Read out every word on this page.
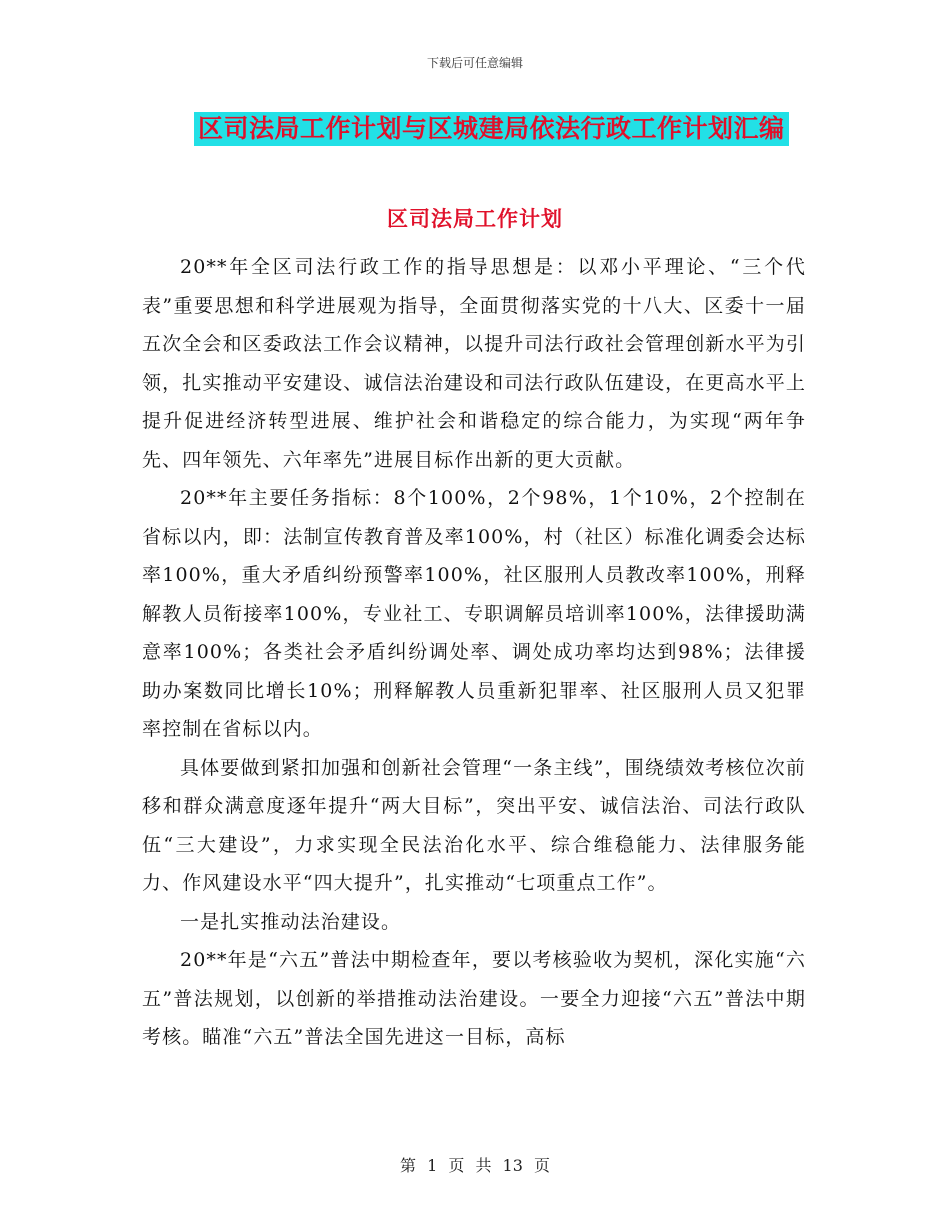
下载后可任意编辑
区司法局工作计划与区城建局依法行政工作计划汇编
区司法局工作计划

20**年全区司法行政工作的指导思想是：以邓小平理论、“三个代表”重要思想和科学进展观为指导，全面贯彻落实党的十八大、区委十一届五次全会和区委政法工作会议精神，以提升司法行政社会管理创新水平为引领，扎实推动平安建设、诚信法治建设和司法行政队伍建设，在更高水平上提升促进经济转型进展、维护社会和谐稳定的综合能力，为实现“两年争先、四年领先、六年率先”进展目标作出新的更大贡献。

20**年主要任务指标：8个100%，2个98%，1个10%，2个控制在省标以内，即：法制宣传教育普及率100%，村（社区）标准化调委会达标率100%，重大矛盾纠纷预警率100%，社区服刑人员教改率100%，刑释解教人员衔接率100%，专业社工、专职调解员培训率100%，法律援助满意率100%；各类社会矛盾纠纷调处率、调处成功率均达到98%；法律援助办案数同比增长10%；刑释解教人员重新犯罪率、社区服刑人员又犯罪率控制在省标以内。

具体要做到紧扣加强和创新社会管理“一条主线”，围绕绩效考核位次前移和群众满意度逐年提升“两大目标”，突出平安、诚信法治、司法行政队伍“三大建设”，力求实现全民法治化水平、综合维稳能力、法律服务能力、作风建设水平“四大提升”，扎实推动“七项重点工作”。

一是扎实推动法治建设。

20**年是“六五”普法中期检查年，要以考核验收为契机，深化实施“六五”普法规划，以创新的举措推动法治建设。一要全力迎接“六五”普法中期考核。瞄准“六五”普法全国先进这一目标，高标

第 1 页 共 13 页
